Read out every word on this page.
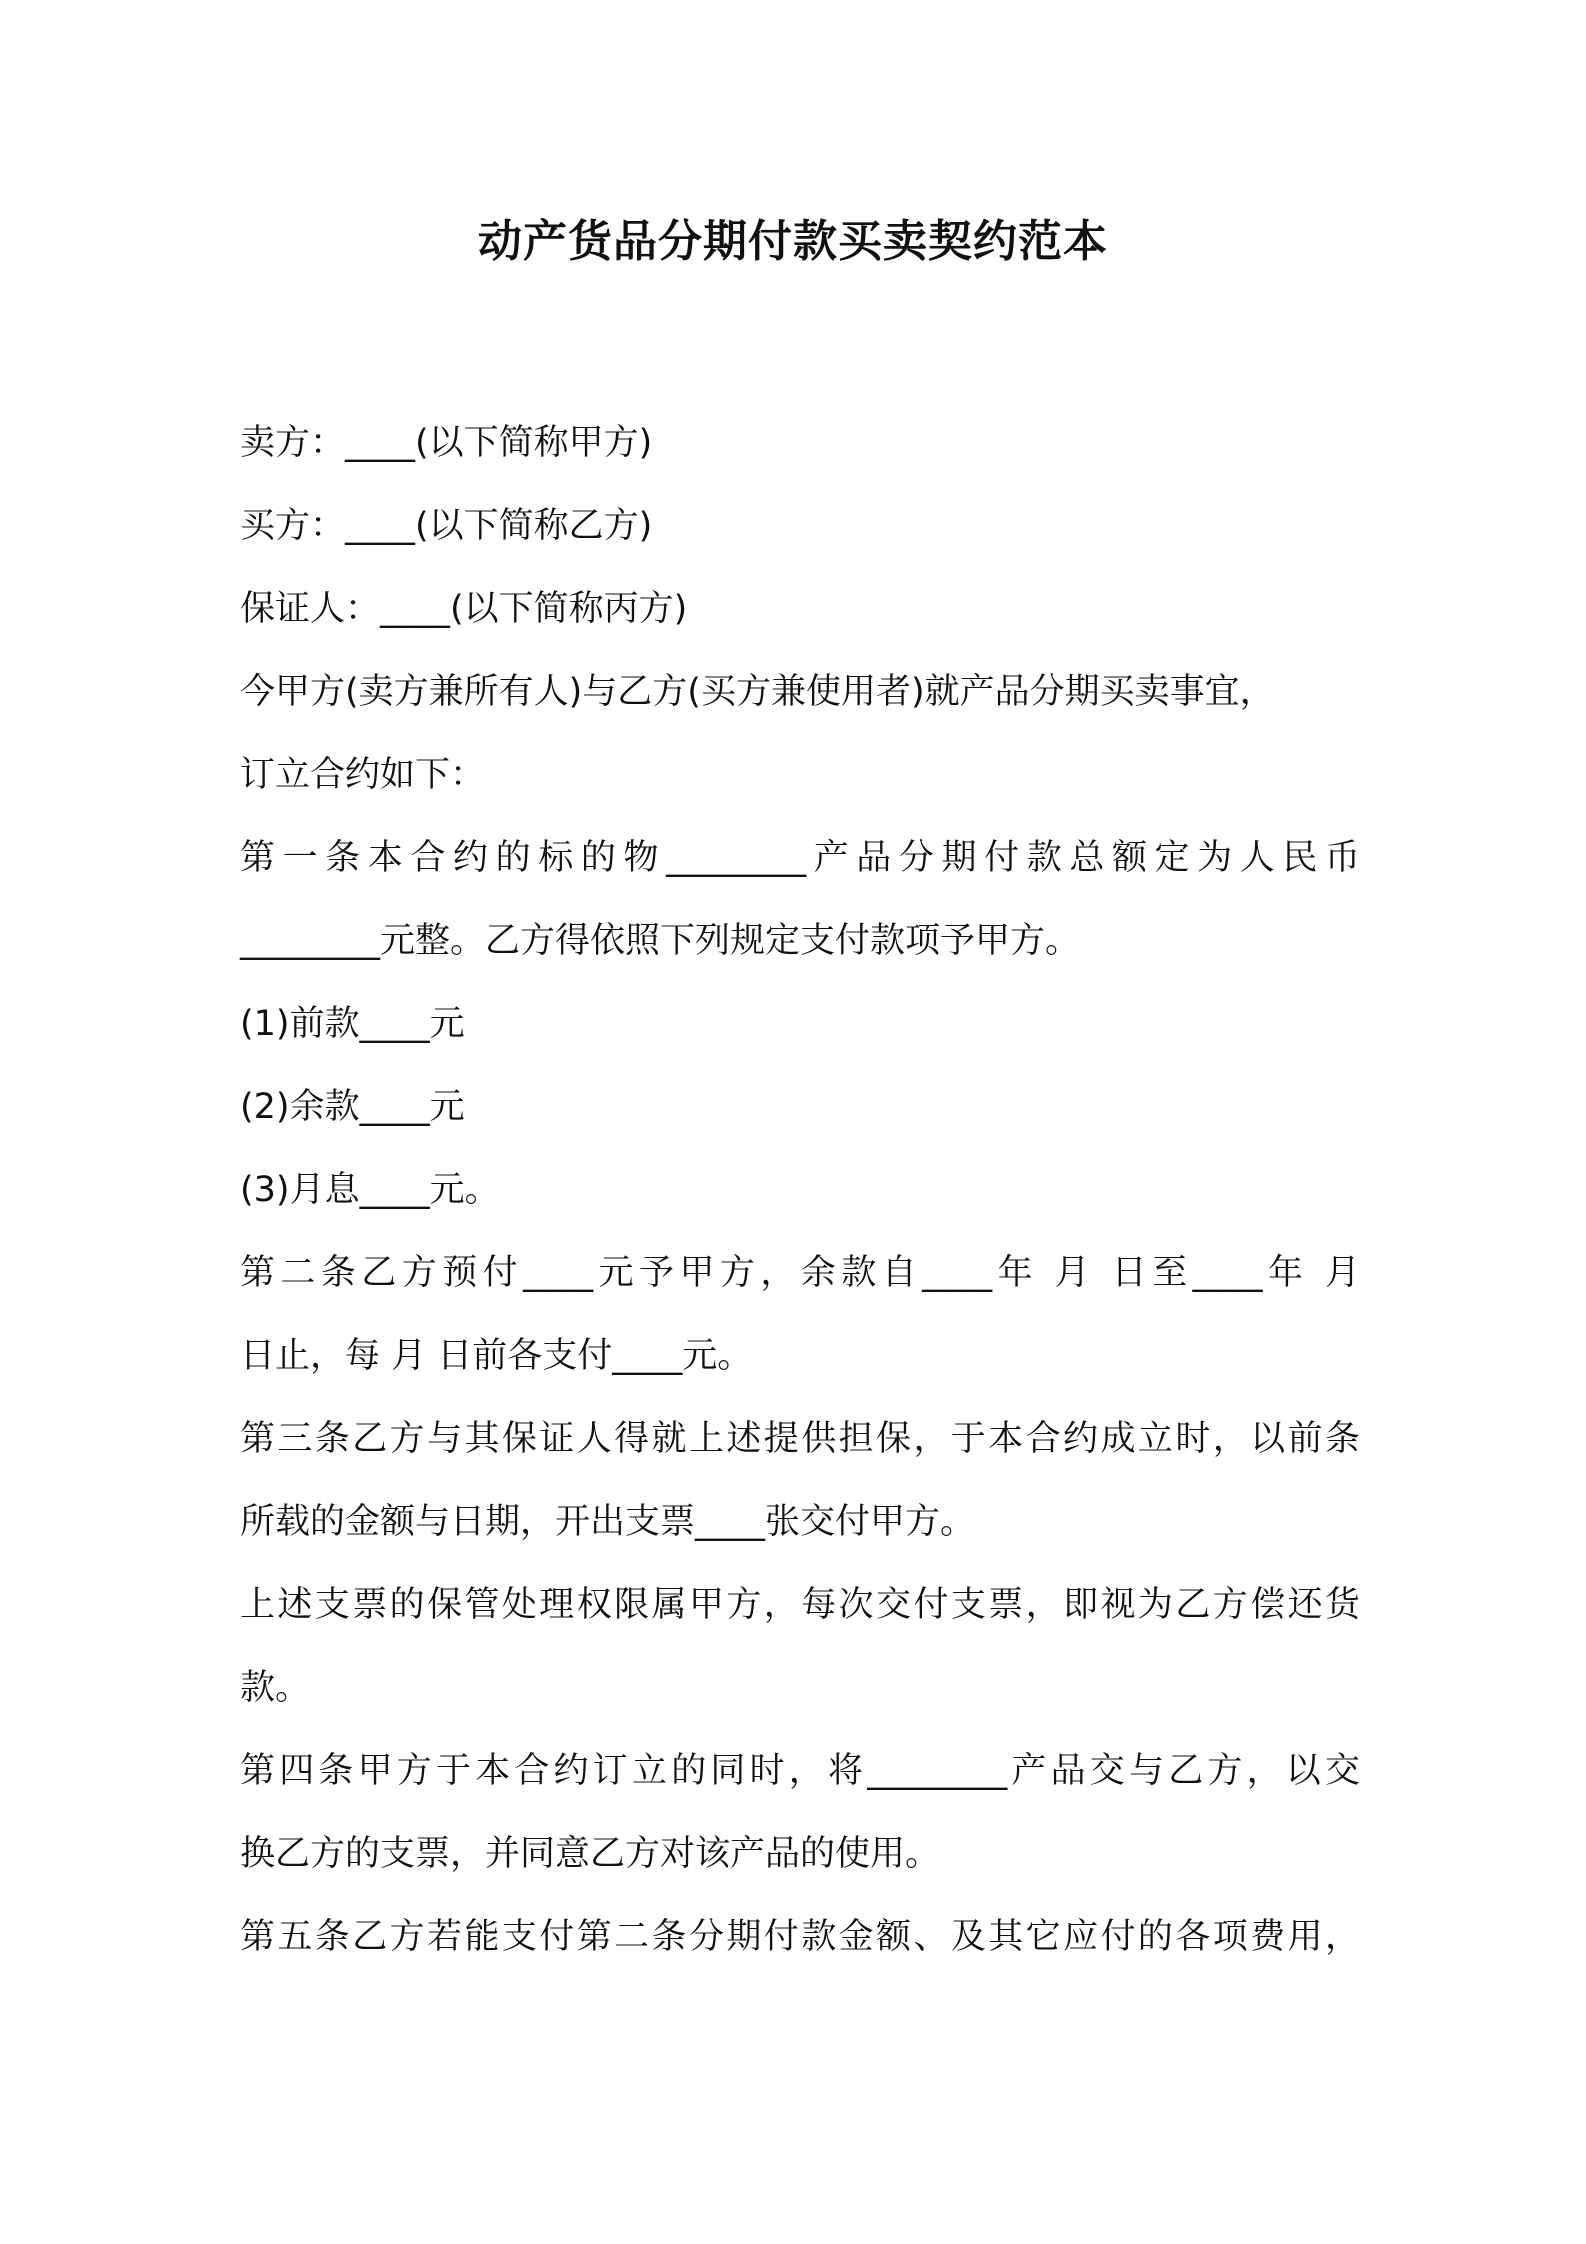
动产货品分期付款买卖契约范本
卖方：____(以下简称甲方)
买方：____(以下简称乙方)
保证人：____(以下简称丙方)
今甲方(卖方兼所有人)与乙方(买方兼使用者)就产品分期买卖事宜，
订立合约如下：
第一条本合约的标的物________产品分期付款总额定为人民币
________元整。乙方得依照下列规定支付款项予甲方。
(1)前款____元
(2)余款____元
(3)月息____元。
第二条乙方预付____元予甲方，余款自____年 月 日至____年 月
日止，每 月 日前各支付____元。
第三条乙方与其保证人得就上述提供担保，于本合约成立时，以前条
所载的金额与日期，开出支票____张交付甲方。
上述支票的保管处理权限属甲方，每次交付支票，即视为乙方偿还货
款。
第四条甲方于本合约订立的同时，将________产品交与乙方，以交
换乙方的支票，并同意乙方对该产品的使用。
第五条乙方若能支付第二条分期付款金额、及其它应付的各项费用，
